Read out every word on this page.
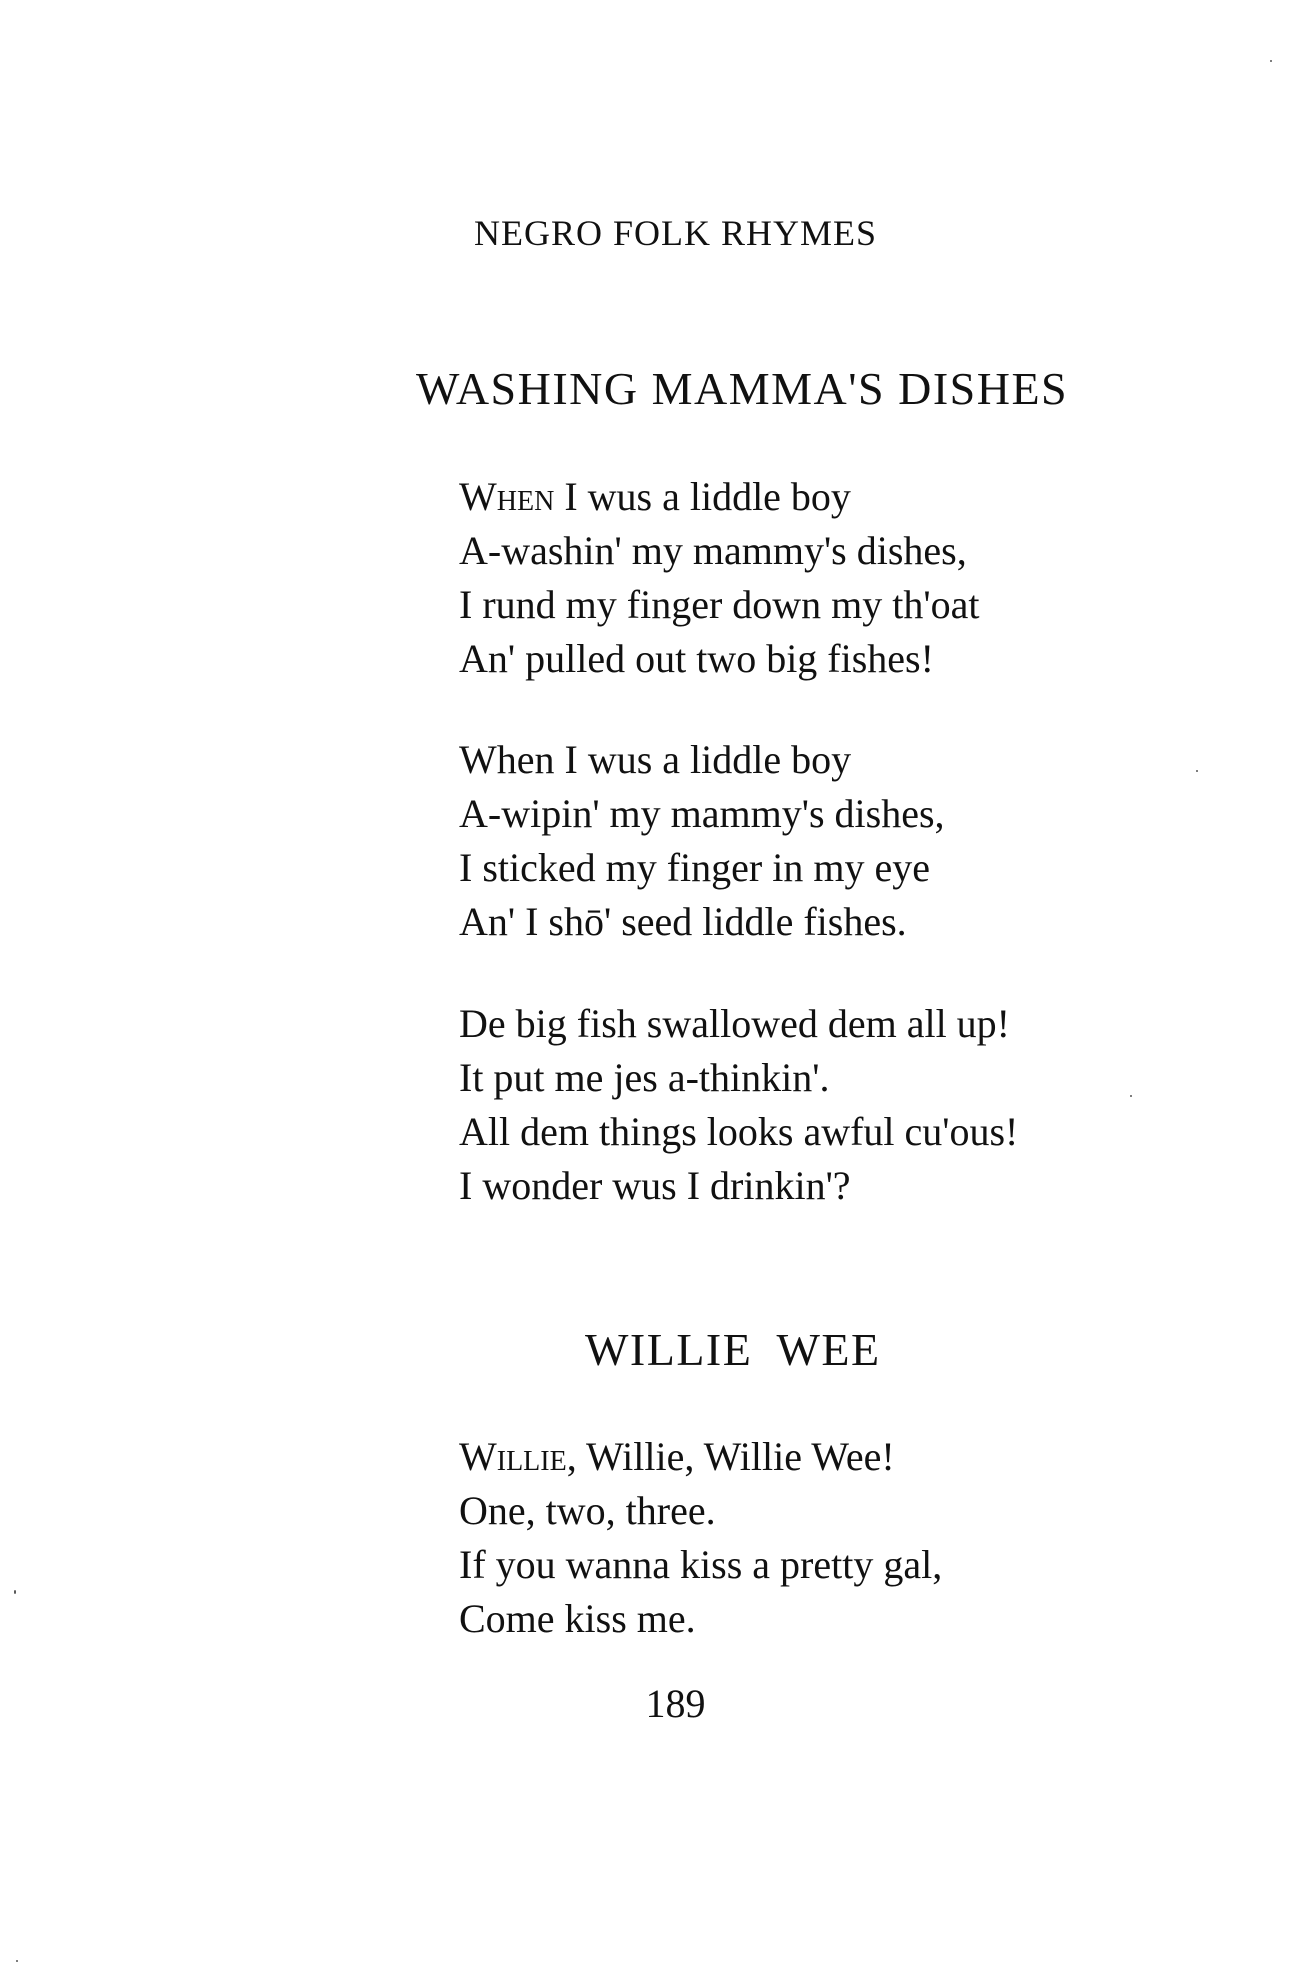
NEGRO FOLK RHYMES
WASHING MAMMA'S DISHES
When I wus a liddle boy
A-washin' my mammy's dishes,
I rund my finger down my th'oat
An' pulled out two big fishes!
When I wus a liddle boy
A-wipin' my mammy's dishes,
I sticked my finger in my eye
An' I shō' seed liddle fishes.
De big fish swallowed dem all up!
It put me jes a-thinkin'.
All dem things looks awful cu'ous!
I wonder wus I drinkin'?
WILLIE WEE
Willie, Willie, Willie Wee!
One, two, three.
If you wanna kiss a pretty gal,
Come kiss me.
189
